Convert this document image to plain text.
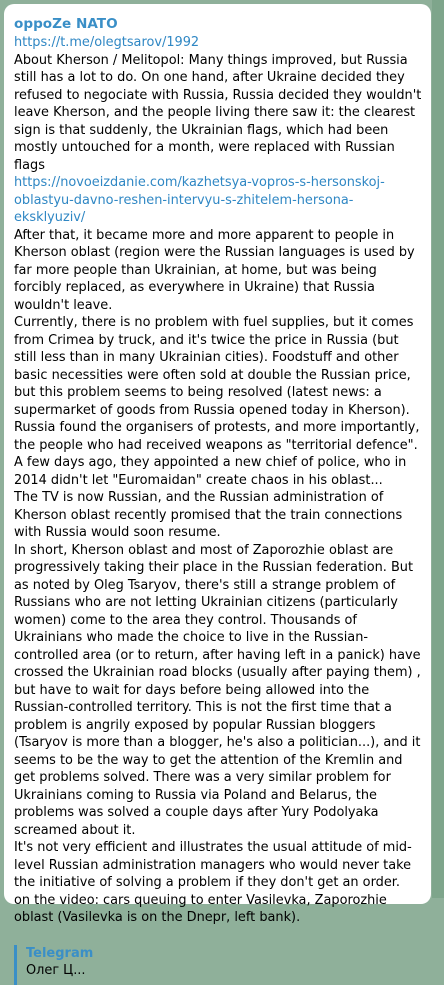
oppoZe NATO
https://t.me/olegtsarov/1992
About Kherson / Melitopol: Many things improved, but Russia still has a lot to do. On one hand, after Ukraine decided they refused to negociate with Russia, Russia decided they wouldn't leave Kherson, and the people living there saw it: the clearest sign is that suddenly, the Ukrainian flags, which had been mostly untouched for a month, were replaced with Russian flags
https://novoeizdanie.com/kazhetsya-vopros-s-hersonskoj-oblastyu-davno-reshen-intervyu-s-zhitelem-hersona-eksklyuziv/
After that, it became more and more apparent to people in Kherson oblast (region were the Russian languages is used by far more people than Ukrainian, at home, but was being forcibly replaced, as everywhere in Ukraine) that Russia wouldn't leave.
Currently, there is no problem with fuel supplies, but it comes from Crimea by truck, and it's twice the price in Russia (but still less than in many Ukrainian cities). Foodstuff and other basic necessities were often sold at double the Russian price, but this problem seems to being resolved (latest news: a supermarket of goods from Russia opened today in Kherson).
Russia found the organisers of protests, and more importantly, the people who had received weapons as "territorial defence". A few days ago, they appointed a new chief of police, who in 2014 didn't let "Euromaidan" create chaos in his oblast...
The TV is now Russian, and the Russian administration of Kherson oblast recently promised that the train connections with Russia would soon resume.
In short, Kherson oblast and most of Zaporozhie oblast are progressively taking their place in the Russian federation. But as noted by Oleg Tsaryov, there's still a strange problem of Russians who are not letting Ukrainian citizens (particularly women) come to the area they control. Thousands of Ukrainians who made the choice to live in the Russian-controlled area (or to return, after having left in a panick) have crossed the Ukrainian road blocks (usually after paying them) , but have to wait for days before being allowed into the Russian-controlled territory. This is not the first time that a problem is angrily exposed by popular Russian bloggers (Tsaryov is more than a blogger, he's also a politician...), and it seems to be the way to get the attention of the Kremlin and get problems solved. There was a very similar problem for Ukrainians coming to Russia via Poland and Belarus, the problems was solved a couple days after Yury Podolyaka screamed about it.
It's not very efficient and illustrates the usual attitude of mid-level Russian administration managers who would never take the initiative of solving a problem if they don't get an order.
on the video: cars queuing to enter Vasilevka, Zaporozhie oblast (Vasilevka is on the Dnepr, left bank).
Telegram
Олег Ц...
